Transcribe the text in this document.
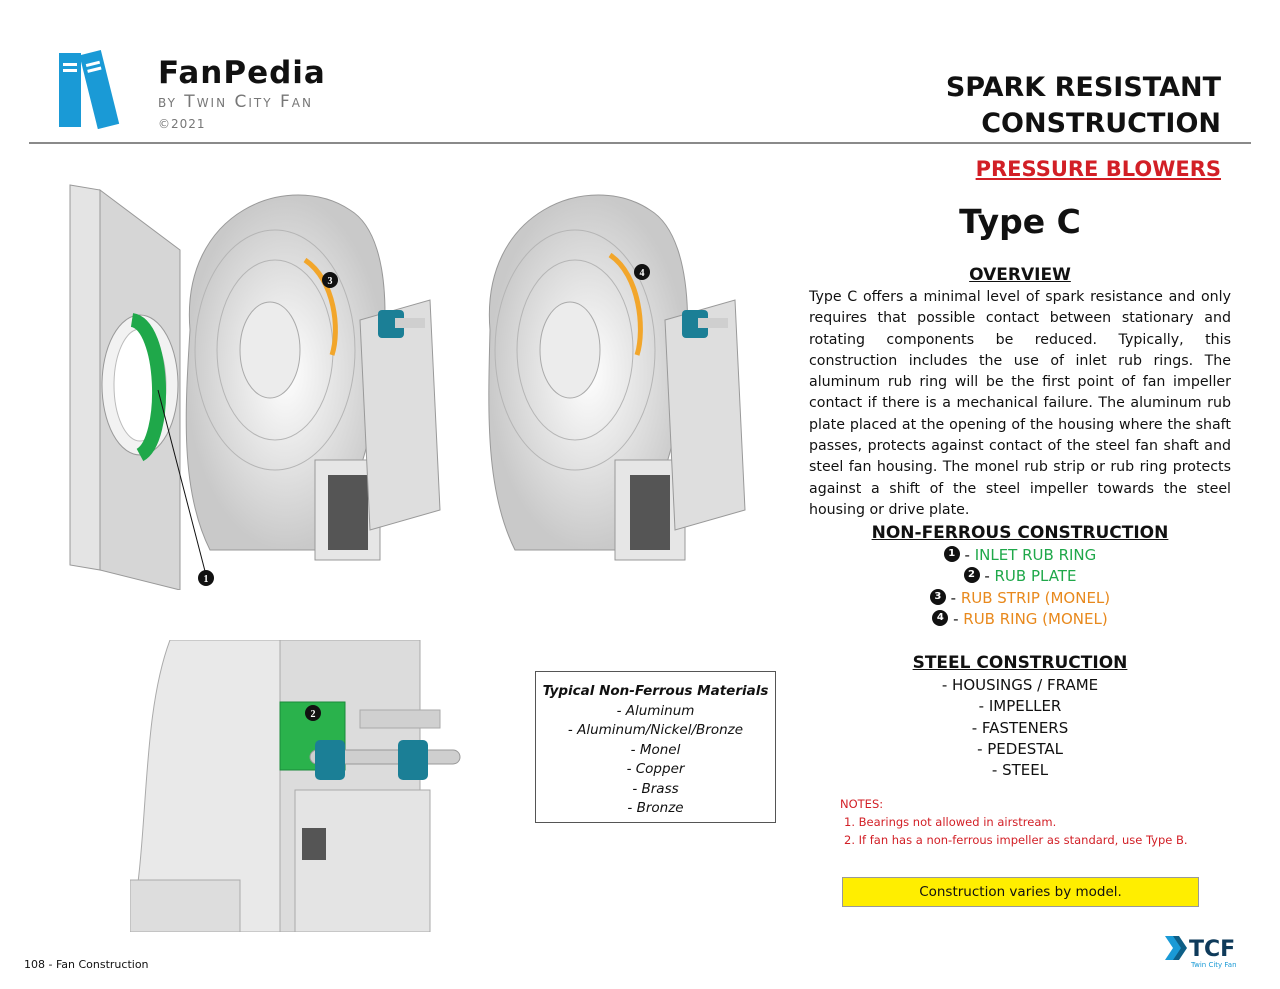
FanPedia
by Twin City Fan
©2021
SPARK RESISTANT
CONSTRUCTION
PRESSURE BLOWERS
1
3
4
2
Type C
OVERVIEW
Type C offers a minimal level of spark resistance and only requires that possible contact between stationary and rotating components be reduced. Typically, this construction includes the use of inlet rub rings. The aluminum rub ring will be the first point of fan impeller contact if there is a mechanical failure. The aluminum rub plate placed at the opening of the housing where the shaft passes, protects against contact of the steel fan shaft and steel fan housing. The monel rub strip or rub ring protects against a shift of the steel impeller towards the steel housing or drive plate.
NON-FERROUS CONSTRUCTION
1 - INLET RUB RING
2 - RUB PLATE
3 - RUB STRIP (MONEL)
4 - RUB RING (MONEL)
STEEL CONSTRUCTION
- HOUSINGS / FRAME
- IMPELLER
- FASTENERS
- PEDESTAL
- STEEL
NOTES:
1. Bearings not allowed in airstream.
2. If fan has a non-ferrous impeller as standard, use Type B.
Construction varies by model.
Typical Non-Ferrous Materials
- Aluminum
- Aluminum/Nickel/Bronze
- Monel
- Copper
- Brass
- Bronze
108 - Fan Construction
TCF
Twin City Fan
